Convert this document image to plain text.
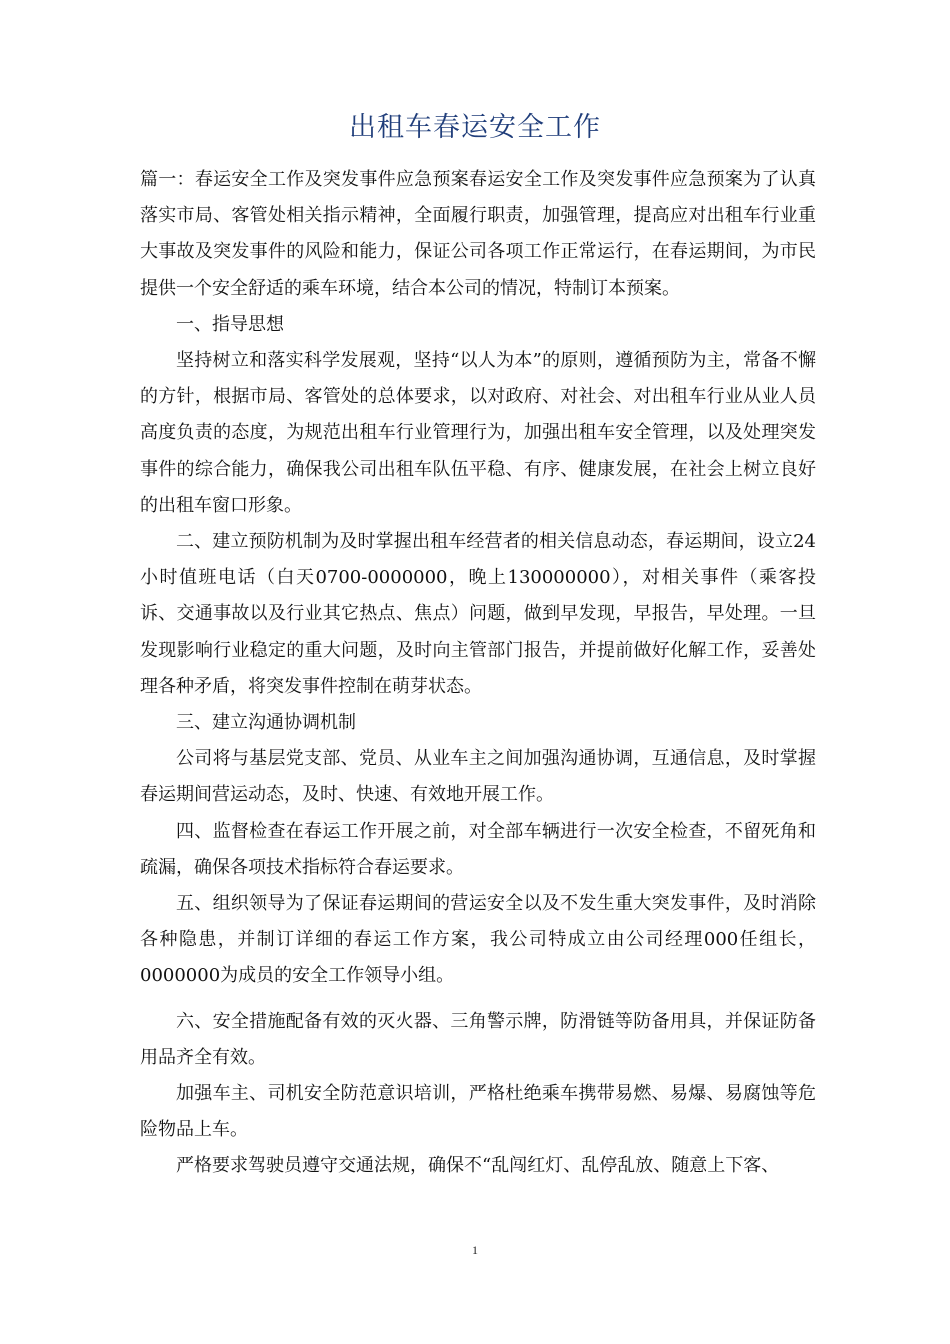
出租车春运安全工作

篇一：春运安全工作及突发事件应急预案春运安全工作及突发事件应急预案为了认真落实市局、客管处相关指示精神，全面履行职责，加强管理，提高应对出租车行业重大事故及突发事件的风险和能力，保证公司各项工作正常运行，在春运期间，为市民提供一个安全舒适的乘车环境，结合本公司的情况，特制订本预案。

一、指导思想

坚持树立和落实科学发展观，坚持“以人为本”的原则，遵循预防为主，常备不懈的方针，根据市局、客管处的总体要求，以对政府、对社会、对出租车行业从业人员高度负责的态度，为规范出租车行业管理行为，加强出租车安全管理，以及处理突发事件的综合能力，确保我公司出租车队伍平稳、有序、健康发展，在社会上树立良好的出租车窗口形象。

二、建立预防机制为及时掌握出租车经营者的相关信息动态，春运期间，设立24小时值班电话（白天0700-0000000，晚上130000000），对相关事件（乘客投诉、交通事故以及行业其它热点、焦点）问题，做到早发现，早报告，早处理。一旦发现影响行业稳定的重大问题，及时向主管部门报告，并提前做好化解工作，妥善处理各种矛盾，将突发事件控制在萌芽状态。

三、建立沟通协调机制

公司将与基层党支部、党员、从业车主之间加强沟通协调，互通信息，及时掌握春运期间营运动态，及时、快速、有效地开展工作。

四、监督检查在春运工作开展之前，对全部车辆进行一次安全检查，不留死角和疏漏，确保各项技术指标符合春运要求。

五、组织领导为了保证春运期间的营运安全以及不发生重大突发事件，及时消除各种隐患，并制订详细的春运工作方案，我公司特成立由公司经理000任组长，0000000为成员的安全工作领导小组。

六、安全措施配备有效的灭火器、三角警示牌，防滑链等防备用具，并保证防备用品齐全有效。

加强车主、司机安全防范意识培训，严格杜绝乘车携带易燃、易爆、易腐蚀等危险物品上车。

严格要求驾驶员遵守交通法规，确保不“乱闯红灯、乱停乱放、随意上下客、

1
